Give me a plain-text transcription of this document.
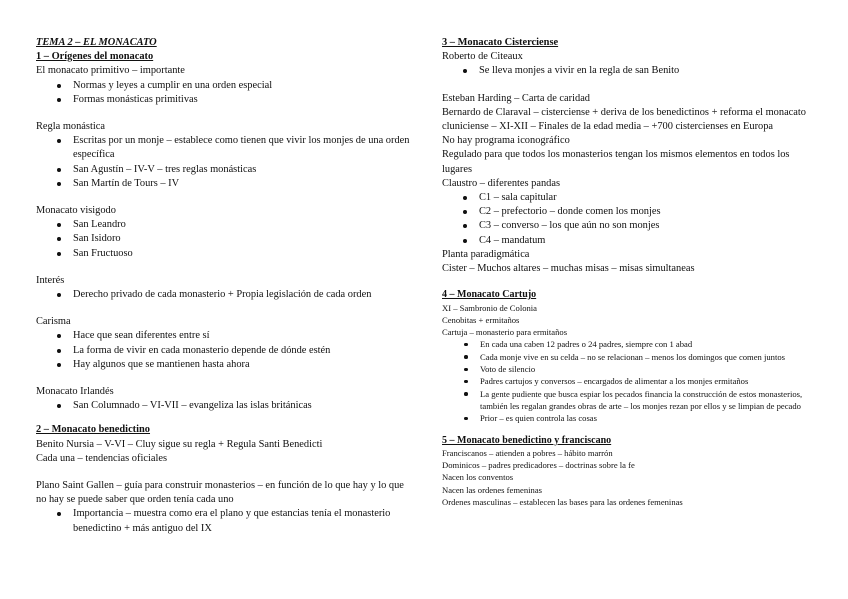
TEMA 2 – EL MONACATO
1 – Orígenes del monacato
El monacato primitivo – importante
Normas y leyes a cumplir en una orden especial
Formas monásticas primitivas
Regla monástica
Escritas por un monje – establece como tienen que vivir los monjes de una orden específica
San Agustín – IV-V – tres reglas monásticas
San Martín de Tours – IV
Monacato visigodo
San Leandro
San Isidoro
San Fructuoso
Interés
Derecho privado de cada monasterio + Propia legislación de cada orden
Carisma
Hace que sean diferentes entre sí
La forma de vivir en cada monasterio depende de dónde estén
Hay algunos que se mantienen hasta ahora
Monacato Irlandés
San Columnado – VI-VII – evangeliza las islas británicas
2 – Monacato benedictino
Benito Nursia – V-VI – Cluy sigue su regla + Regula Santi Benedicti
Cada una – tendencias oficiales
Plano Saint Gallen – guía para construir monasterios – en función de lo que hay y lo que no hay se puede saber que orden tenía cada uno
Importancia – muestra como era el plano y que estancias tenía el monasterio benedictino + más antiguo del IX
3 – Monacato Cisterciense
Roberto de Citeaux
Se lleva monjes a vivir en la regla de san Benito
Esteban Harding – Carta de caridad
Bernardo de Claraval – cisterciense + deriva de los benedictinos + reforma el monacato cluniciense – XI-XII – Finales de la edad media – +700 cistercienses en Europa
No hay programa iconográfico
Regulado para que todos los monasterios tengan los mismos elementos en todos los lugares
Claustro – diferentes pandas
C1 – sala capitular
C2 – prefectorio – donde comen los monjes
C3 – converso – los que aún no son monjes
C4 – mandatum
Planta paradigmática
Cister – Muchos altares – muchas misas – misas simultaneas
4 – Monacato Cartujo
XI – Sambronio de Colonia
Cenobitas + ermitaños
Cartuja – monasterio para ermitaños
En cada una caben 12 padres o 24 padres, siempre con 1 abad
Cada monje vive en su celda – no se relacionan – menos los domingos que comen juntos
Voto de silencio
Padres cartujos y conversos – encargados de alimentar a los monjes ermitaños
La gente pudiente que busca espiar los pecados financia la construcción de estos monasterios, también les regalan grandes obras de arte – los monjes rezan por ellos y se limpian de pecado
Prior – es quien controla las cosas
5 – Monacato benedictino y franciscano
Franciscanos – atienden a pobres – hábito marrón
Dominicos – padres predicadores – doctrinas sobre la fe
Nacen los conventos
Nacen las ordenes femeninas
Ordenes masculinas – establecen las bases para las ordenes femeninas
